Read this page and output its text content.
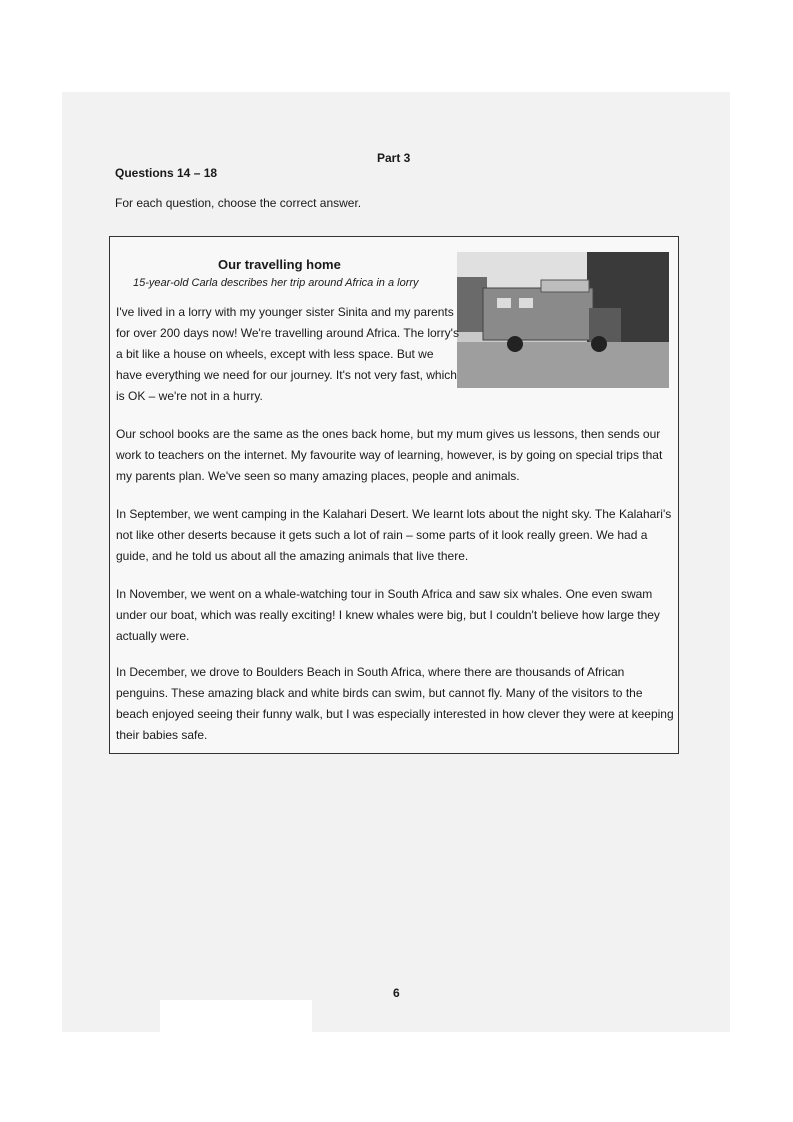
Part 3
Questions 14 – 18
For each question, choose the correct answer.
Our travelling home
15-year-old Carla describes her trip around Africa in a lorry

I've lived in a lorry with my younger sister Sinita and my parents for over 200 days now! We're travelling around Africa. The lorry's a bit like a house on wheels, except with less space. But we have everything we need for our journey. It's not very fast, which is OK – we're not in a hurry.

Our school books are the same as the ones back home, but my mum gives us lessons, then sends our work to teachers on the internet. My favourite way of learning, however, is by going on special trips that my parents plan. We've seen so many amazing places, people and animals.

In September, we went camping in the Kalahari Desert. We learnt lots about the night sky. The Kalahari's not like other deserts because it gets such a lot of rain – some parts of it look really green. We had a guide, and he told us about all the amazing animals that live there.

In November, we went on a whale-watching tour in South Africa and saw six whales. One even swam under our boat, which was really exciting! I knew whales were big, but I couldn't believe how large they actually were.

In December, we drove to Boulders Beach in South Africa, where there are thousands of African penguins. These amazing black and white birds can swim, but cannot fly. Many of the visitors to the beach enjoyed seeing their funny walk, but I was especially interested in how clever they were at keeping their babies safe.

6
